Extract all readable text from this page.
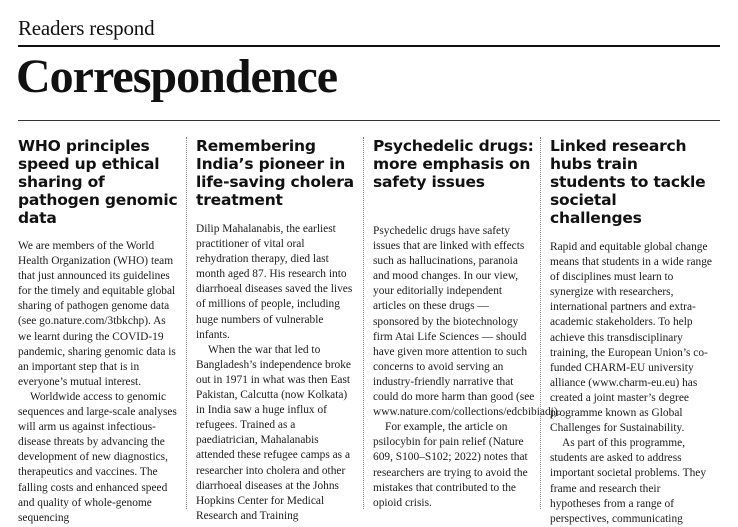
Readers respond
Correspondence
WHO principles speed up ethical sharing of pathogen genomic data

We are members of the World Health Organization (WHO) team that just announced its guidelines for the timely and equitable global sharing of pathogen genome data (see go.nature.com/3tbkchp). As we learnt during the COVID-19 pandemic, sharing genomic data is an important step that is in everyone’s mutual interest.

Worldwide access to genomic sequences and large-scale analyses will arm us against infectious-disease threats by advancing the development of new diagnostics, therapeutics and vaccines. The falling costs and enhanced speed and quality of whole-genome sequencing

Remembering India’s pioneer in life-saving cholera treatment

Dilip Mahalanabis, the earliest practitioner of vital oral rehydration therapy, died last month aged 87. His research into diarrhoeal diseases saved the lives of millions of people, including huge numbers of vulnerable infants.

When the war that led to Bangladesh’s independence broke out in 1971 in what was then East Pakistan, Calcutta (now Kolkata) in India saw a huge influx of refugees. Trained as a paediatrician, Mahalanabis attended these refugee camps as a researcher into cholera and other diarrhoeal diseases at the Johns Hopkins Center for Medical Research and Training

Psychedelic drugs: more emphasis on safety issues

Psychedelic drugs have safety issues that are linked with effects such as hallucinations, paranoia and mood changes. In our view, your editorially independent articles on these drugs — sponsored by the biotechnology firm Atai Life Sciences — should have given more attention to such concerns to avoid serving an industry-friendly narrative that could do more harm than good (see www.nature.com/collections/edcbibiadj).

For example, the article on psilocybin for pain relief (Nature 609, S100–S102; 2022) notes that researchers are trying to avoid the mistakes that contributed to the opioid crisis.

Linked research hubs train students to tackle societal challenges

Rapid and equitable global change means that students in a wide range of disciplines must learn to synergize with researchers, international partners and extra-academic stakeholders. To help achieve this transdisciplinary training, the European Union’s co-funded CHARM-EU university alliance (www.charm-eu.eu) has created a joint master’s degree programme known as Global Challenges for Sustainability.

As part of this programme, students are asked to address important societal problems. They frame and research their hypotheses from a range of perspectives, communicating
